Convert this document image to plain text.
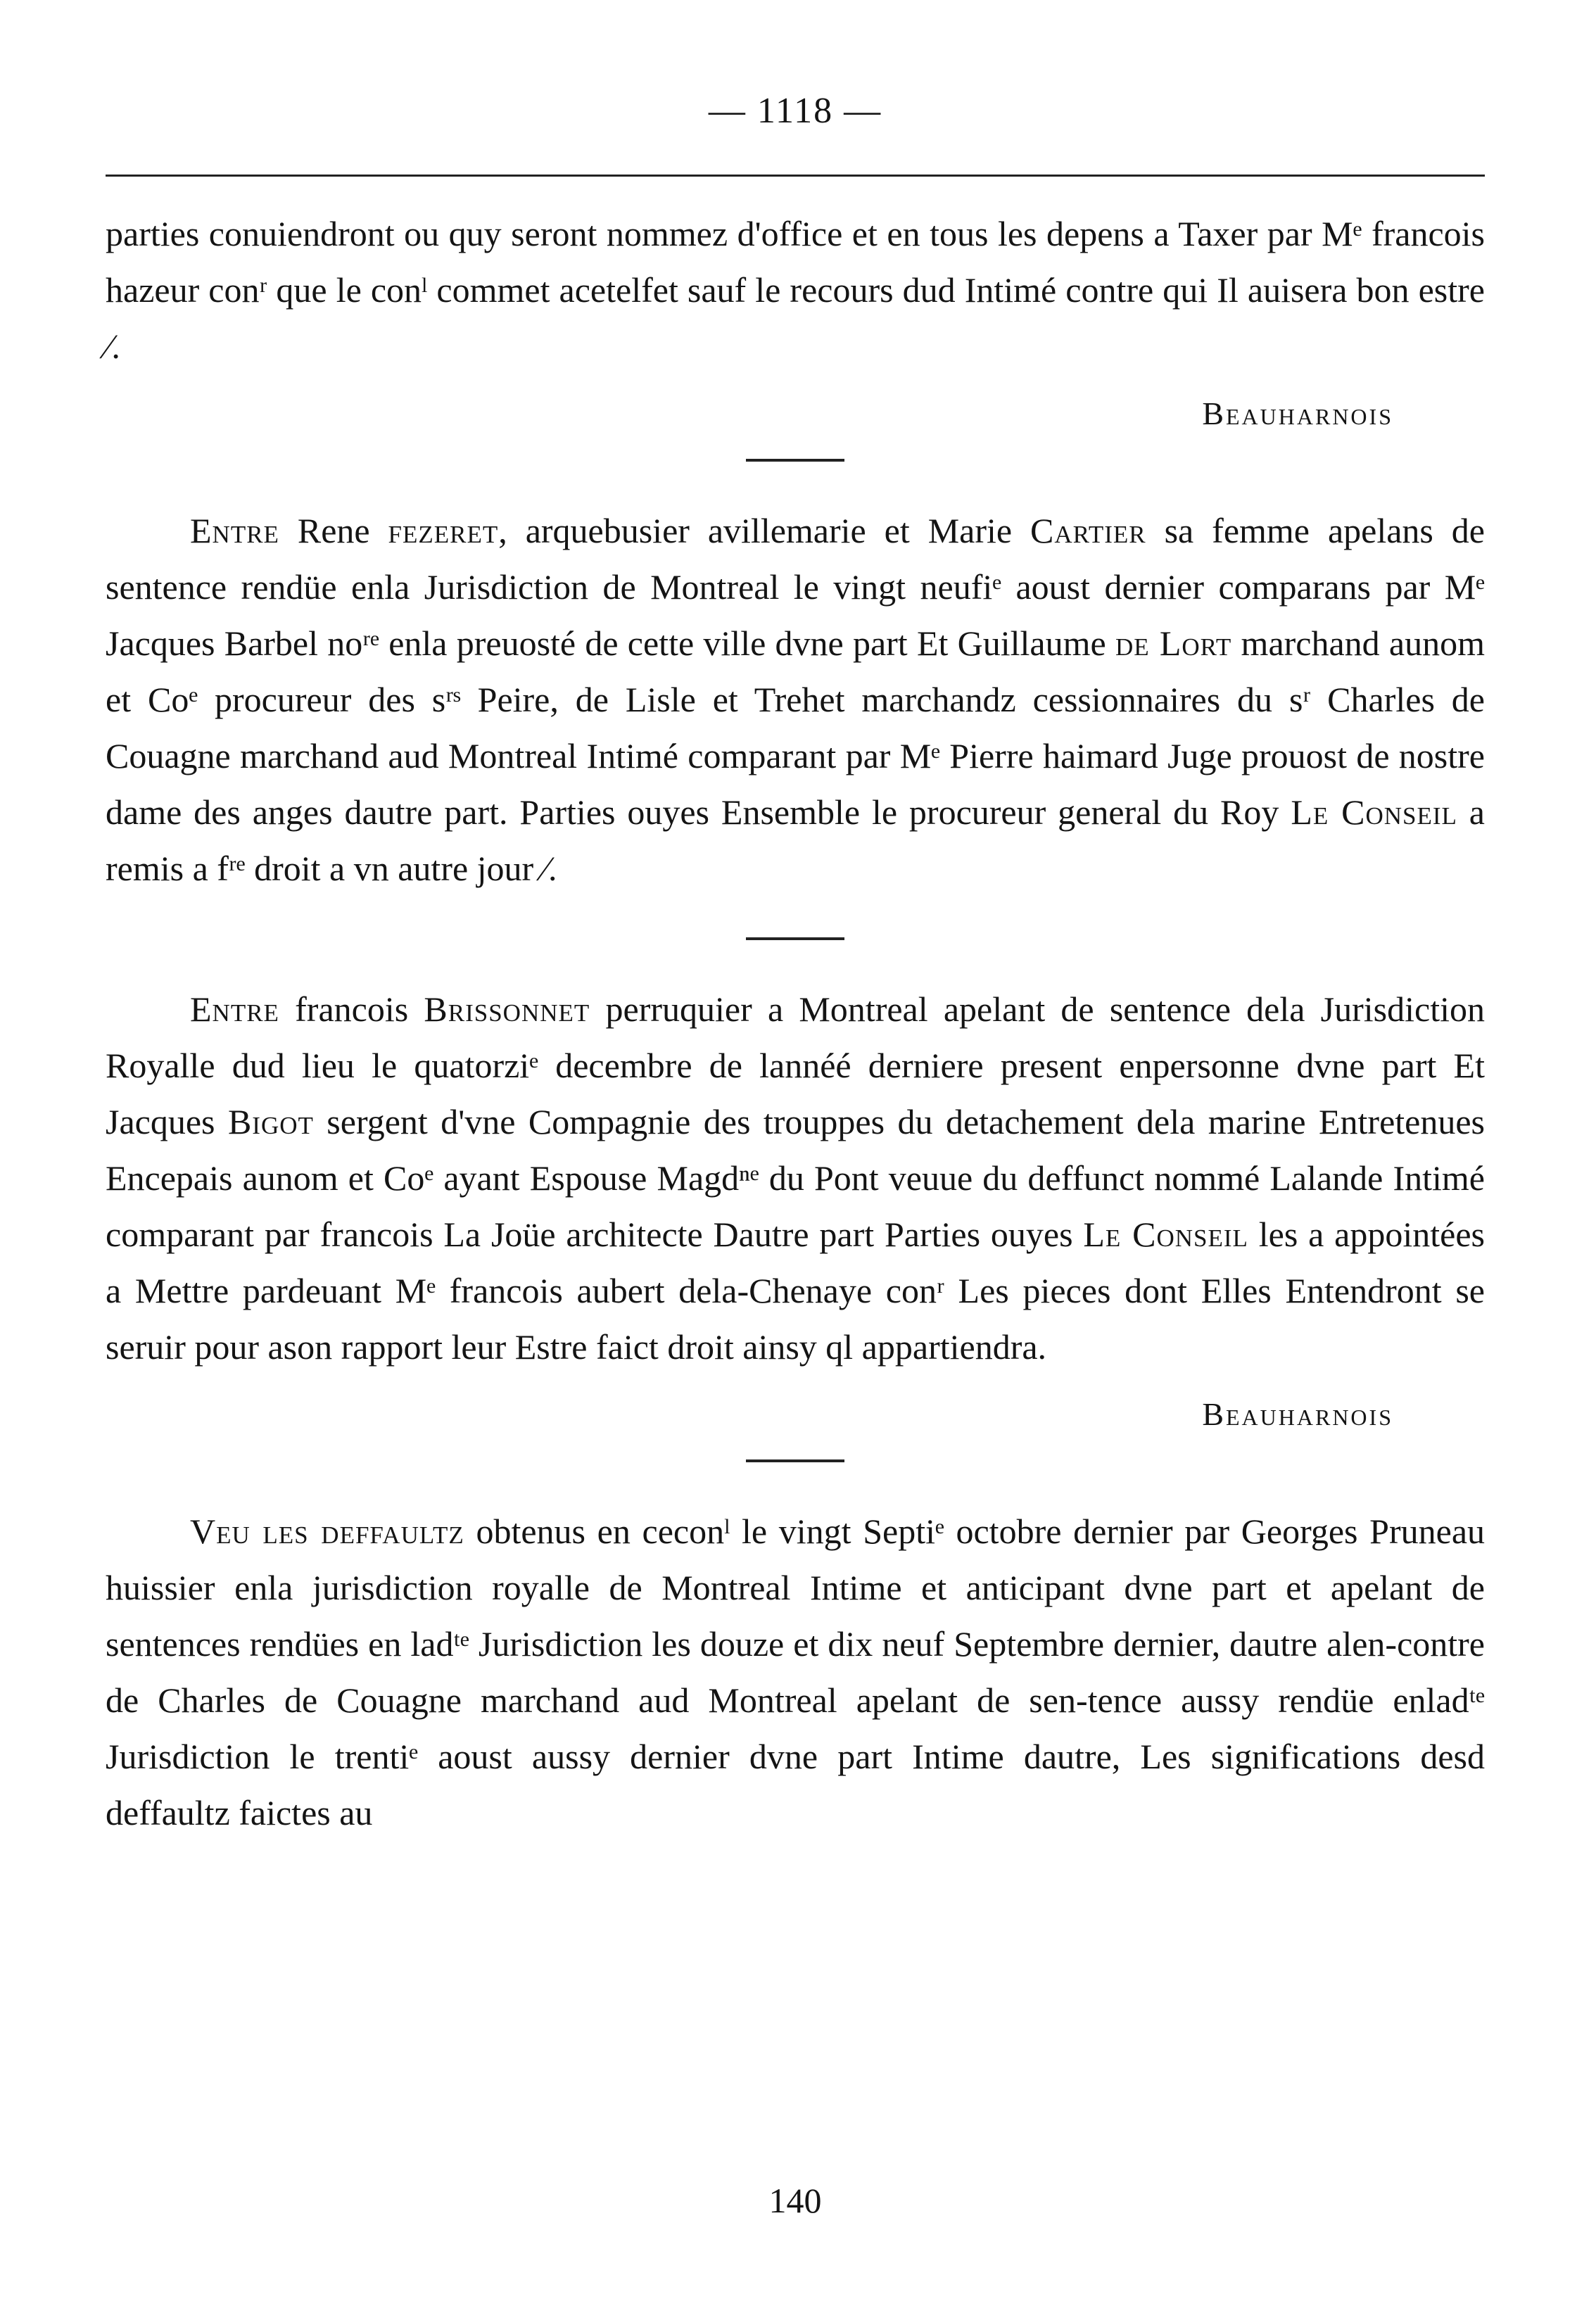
— 1118 —

parties conuiendront ou quy seront nommez d'office et en tous les depens a Taxer par Mᵉ francois hazeur conʳ que le conˡ commet acetelfet sauf le recours dud Intimé contre qui Il auisera bon estre ⁄.

Beauharnois

Entre Rene fezeret, arquebusier avillemarie et Marie Cartier sa femme apelans de sentence rendüe enla Jurisdiction de Montreal le vingt neufiᵉ aoust dernier comparans par Mᵉ Jacques Barbel noʳᵉ enla preuosté de cette ville dvne part Et Guillaume de Lort marchand aunom et Coᵉ procureur des sʳˢ Peire, de Lisle et Trehet marchandz cessionnaires du sʳ Charles de Couagne marchand aud Montreal Intimé comparant par Mᵉ Pierre haimard Juge prouost de nostre dame des anges dautre part. Parties ouyes Ensemble le procureur general du Roy Le Conseil a remis a fʳᵉ droit a vn autre jour ⁄.

Entre francois Brissonnet perruquier a Montreal apelant de sentence dela Jurisdiction Royalle dud lieu le quatorziᵉ decembre de lannéé derniere present enpersonne dvne part Et Jacques Bigot sergent d'vne Compagnie des trouppes du detachement dela marine Entretenues Encepais aunom et Coᵉ ayant Espouse Magdⁿᵉ du Pont veuue du deffunct nommé Lalande Intimé comparant par francois La Joüe architecte Dautre part Parties ouyes Le Conseil les a appointées a Mettre pardeuant Mᵉ francois aubert dela-Chenaye conʳ Les pieces dont Elles Entendront se seruir pour ason rapport leur Estre faict droit ainsy ql appartiendra.

Beauharnois

Veu les deffaultz obtenus en ceconˡ le vingt Septiᵉ octobre dernier par Georges Pruneau huissier enla jurisdiction royalle de Montreal Intime et anticipant dvne part et apelant de sentences rendües en ladᵗᵉ Jurisdiction les douze et dix neuf Septembre dernier, dautre alen-contre de Charles de Couagne marchand aud Montreal apelant de sen-tence aussy rendüe enladᵗᵉ Jurisdiction le trentiᵉ aoust aussy dernier dvne part Intime dautre, Les significations desd deffaultz faictes au

140
